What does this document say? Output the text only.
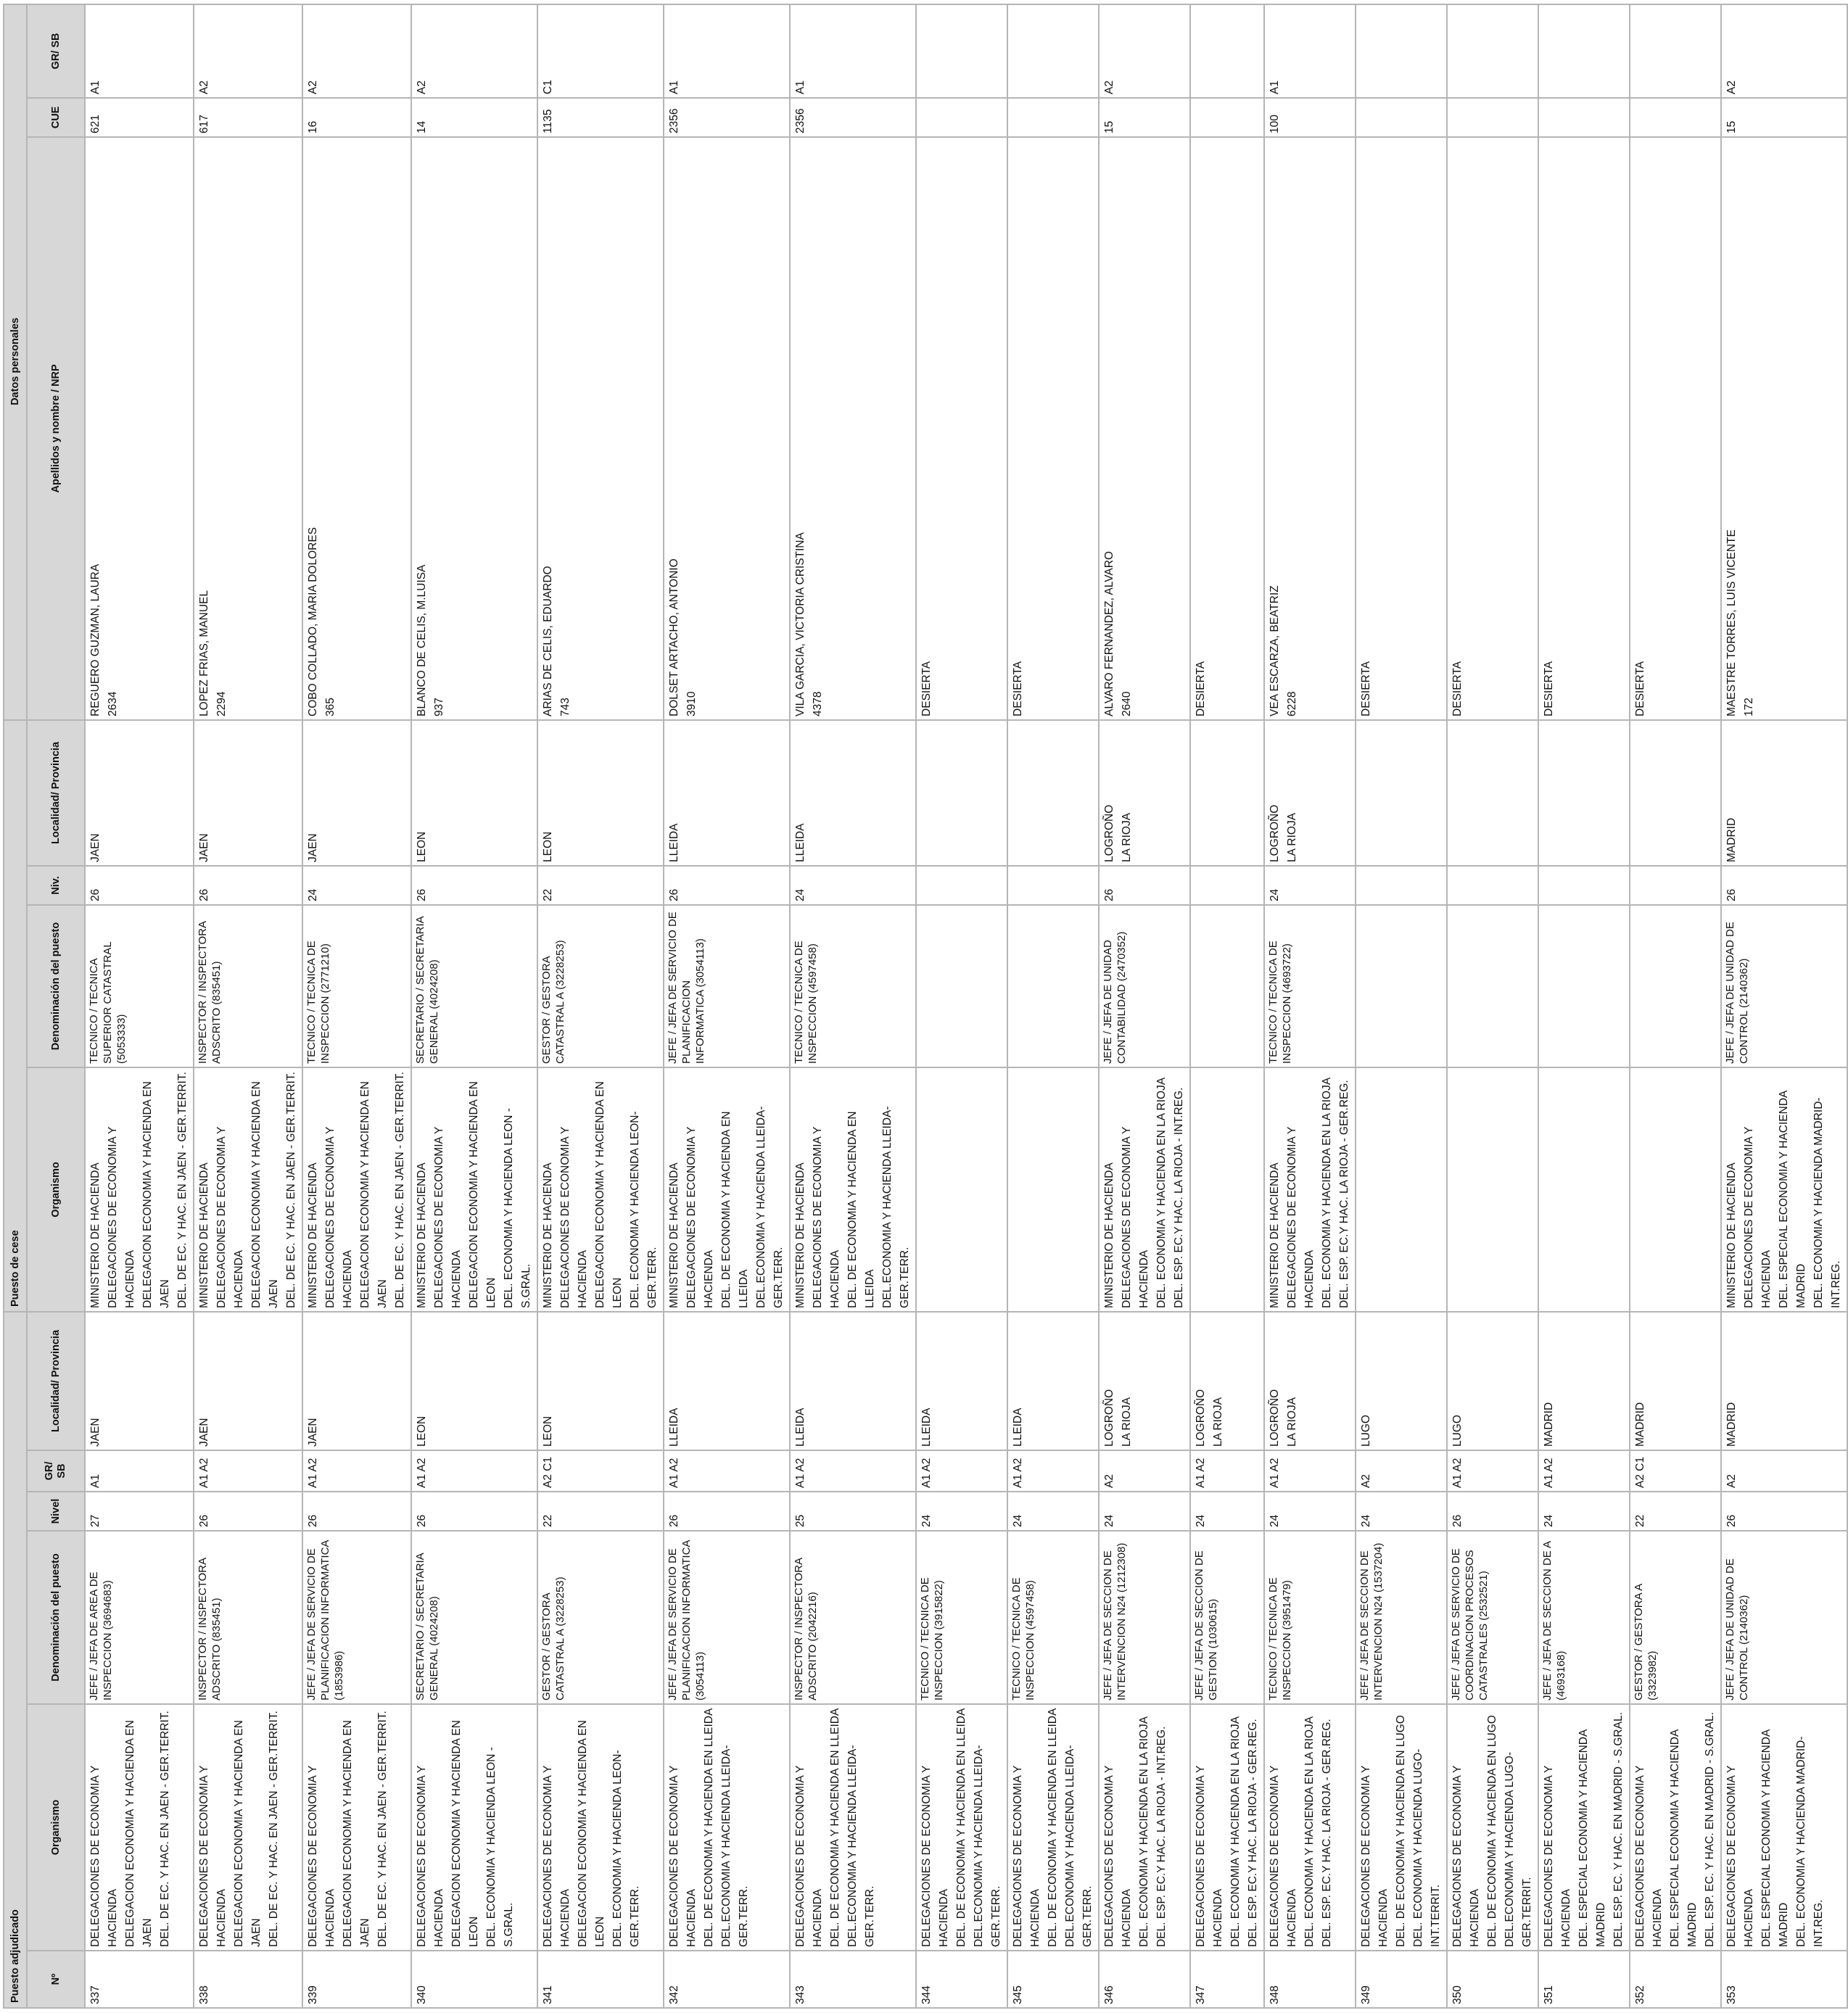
Puesto adjudicado						Puesto de cese				Datos personales		
Nº	Organismo	Denominación del puesto	Nivel	GR/ SB	Localidad/ Provincia	Organismo	Denominación del puesto	Niv.	Localidad/ Provincia	Apellidos y nombre / NRP	CUE	GR/ SB
337	DELEGACIONES DE ECONOMIA Y HACIENDA DELEGACION ECONOMIA Y HACIENDA EN JAEN DEL. DE EC. Y HAC. EN JAEN - GER.TERRIT.	JEFE / JEFA DE AREA DE INSPECCION (3694683)	27	A1	JAEN	MINISTERIO DE HACIENDA DELEGACIONES DE ECONOMIA Y HACIENDA DELEGACION ECONOMIA Y HACIENDA EN JAEN DEL. DE EC. Y HAC. EN JAEN - GER.TERRIT.	TECNICO / TECNICA SUPERIOR CATASTRAL (5053333)	26	JAEN	REGUERO GUZMAN, LAURA 2634	621	A1
338	DELEGACIONES DE ECONOMIA Y HACIENDA DELEGACION ECONOMIA Y HACIENDA EN JAEN DEL. DE EC. Y HAC. EN JAEN - GER.TERRIT.	INSPECTOR / INSPECTORA ADSCRITO (835451)	26	A1 A2	JAEN	MINISTERIO DE HACIENDA DELEGACIONES DE ECONOMIA Y HACIENDA DELEGACION ECONOMIA Y HACIENDA EN JAEN DEL. DE EC. Y HAC. EN JAEN - GER.TERRIT.	INSPECTOR / INSPECTORA ADSCRITO (835451)	26	JAEN	LOPEZ FRIAS, MANUEL 2294	617	A2
339	DELEGACIONES DE ECONOMIA Y HACIENDA DELEGACION ECONOMIA Y HACIENDA EN JAEN DEL. DE EC. Y HAC. EN JAEN - GER.TERRIT.	JEFE / JEFA DE SERVICIO DE PLANIFICACION INFORMATICA (1853986)	26	A1 A2	JAEN	MINISTERIO DE HACIENDA DELEGACIONES DE ECONOMIA Y HACIENDA DELEGACION ECONOMIA Y HACIENDA EN JAEN DEL. DE EC. Y HAC. EN JAEN - GER.TERRIT.	TECNICO / TECNICA DE INSPECCION (2771210)	24	JAEN	COBO COLLADO, MARIA DOLORES 365	16	A2
340	DELEGACIONES DE ECONOMIA Y HACIENDA DELEGACION ECONOMIA Y HACIENDA EN LEON DEL. ECONOMIA Y HACIENDA LEON - S.GRAL.	SECRETARIO / SECRETARIA GENERAL (4024208)	26	A1 A2	LEON	MINISTERIO DE HACIENDA DELEGACIONES DE ECONOMIA Y HACIENDA DELEGACION ECONOMIA Y HACIENDA EN LEON DEL. ECONOMIA Y HACIENDA LEON - S.GRAL.	SECRETARIO / SECRETARIA GENERAL (4024208)	26	LEON	BLANCO DE CELIS, M.LUISA 937	14	A2
341	DELEGACIONES DE ECONOMIA Y HACIENDA DELEGACION ECONOMIA Y HACIENDA EN LEON DEL. ECONOMIA Y HACIENDA LEON-GER.TERR.	GESTOR / GESTORA CATASTRAL A (3228253)	22	A2 C1	LEON	MINISTERIO DE HACIENDA DELEGACIONES DE ECONOMIA Y HACIENDA DELEGACION ECONOMIA Y HACIENDA EN LEON DEL. ECONOMIA Y HACIENDA LEON-GER.TERR.	GESTOR / GESTORA CATASTRAL A (3228253)	22	LEON	ARIAS DE CELIS, EDUARDO 743	1135	C1
342	DELEGACIONES DE ECONOMIA Y HACIENDA DEL. DE ECONOMIA Y HACIENDA EN LLEIDA DEL.ECONOMIA Y HACIENDA LLEIDA-GER.TERR.	JEFE / JEFA DE SERVICIO DE PLANIFICACION INFORMATICA (3054113)	26	A1 A2	LLEIDA	MINISTERIO DE HACIENDA DELEGACIONES DE ECONOMIA Y HACIENDA DEL. DE ECONOMIA Y HACIENDA EN LLEIDA DEL.ECONOMIA Y HACIENDA LLEIDA-GER.TERR.	JEFE / JEFA DE SERVICIO DE PLANIFICACION INFORMATICA (3054113)	26	LLEIDA	DOLSET ARTACHO, ANTONIO 3910	2356	A1
343	DELEGACIONES DE ECONOMIA Y HACIENDA DEL. DE ECONOMIA Y HACIENDA EN LLEIDA DEL.ECONOMIA Y HACIENDA LLEIDA-GER.TERR.	INSPECTOR / INSPECTORA ADSCRITO (2042216)	25	A1 A2	LLEIDA	MINISTERIO DE HACIENDA DELEGACIONES DE ECONOMIA Y HACIENDA DEL. DE ECONOMIA Y HACIENDA EN LLEIDA DEL.ECONOMIA Y HACIENDA LLEIDA-GER.TERR.	TECNICO / TECNICA DE INSPECCION (4597458)	24	LLEIDA	VILA GARCIA, VICTORIA CRISTINA 4378	2356	A1
344	DELEGACIONES DE ECONOMIA Y HACIENDA DEL. DE ECONOMIA Y HACIENDA EN LLEIDA DEL.ECONOMIA Y HACIENDA LLEIDA-GER.TERR.	TECNICO / TECNICA DE INSPECCION (3915822)	24	A1 A2	LLEIDA					DESIERTA		

345	DELEGACIONES DE ECONOMIA Y HACIENDA DEL. DE ECONOMIA Y HACIENDA EN LLEIDA DEL.ECONOMIA Y HACIENDA LLEIDA-GER.TERR.	TECNICO / TECNICA DE INSPECCION (4597458)	24	A1 A2	LLEIDA					DESIERTA		

346	DELEGACIONES DE ECONOMIA Y HACIENDA DEL. ECONOMIA Y HACIENDA EN LA RIOJA DEL. ESP. EC.Y HAC. LA RIOJA - INT.REG.	JEFE / JEFA DE SECCION DE INTERVENCION N24 (1212308)	24	A2	LOGROÑO LA RIOJA	MINISTERIO DE HACIENDA DELEGACIONES DE ECONOMIA Y HACIENDA DEL. ECONOMIA Y HACIENDA EN LA RIOJA DEL. ESP. EC.Y HAC. LA RIOJA - INT.REG.	JEFE / JEFA DE UNIDAD CONTABILIDAD (2470352)	26	LOGROÑO LA RIOJA	ALVARO FERNANDEZ, ALVARO 2640	15	A2
347	DELEGACIONES DE ECONOMIA Y HACIENDA DEL. ECONOMIA Y HACIENDA EN LA RIOJA DEL. ESP. EC.Y HAC. LA RIOJA - GER.REG.	JEFE / JEFA DE SECCION DE GESTION (1030615)	24	A1 A2	LOGROÑO LA RIOJA					DESIERTA		

348	DELEGACIONES DE ECONOMIA Y HACIENDA DEL. ECONOMIA Y HACIENDA EN LA RIOJA DEL. ESP. EC.Y HAC. LA RIOJA - GER.REG.	TECNICO / TECNICA DE INSPECCION (3951479)	24	A1 A2	LOGROÑO LA RIOJA	MINISTERIO DE HACIENDA DELEGACIONES DE ECONOMIA Y HACIENDA DEL. ECONOMIA Y HACIENDA EN LA RIOJA DEL. ESP. EC.Y HAC. LA RIOJA - GER.REG.	TECNICO / TECNICA DE INSPECCION (4693722)	24	LOGROÑO LA RIOJA	VEA ESCARZA, BEATRIZ 6228	100	A1
349	DELEGACIONES DE ECONOMIA Y HACIENDA DEL. DE ECONOMIA Y HACIENDA EN LUGO DEL. ECONOMIA Y HACIENDA LUGO-INT.TERRIT.	JEFE / JEFA DE SECCION DE INTERVENCION N24 (1537204)	24	A2	LUGO					DESIERTA		

350	DELEGACIONES DE ECONOMIA Y HACIENDA DEL. DE ECONOMIA Y HACIENDA EN LUGO DEL.ECONOMIA Y HACIENDA LUGO-GER.TERRIT.	JEFE / JEFA DE SERVICIO DE COORDINACION PROCESOS CATASTRALES (2532521)	26	A1 A2	LUGO					DESIERTA		

351	DELEGACIONES DE ECONOMIA Y HACIENDA DEL. ESPECIAL ECONOMIA Y HACIENDA MADRID DEL. ESP. EC. Y HAC. EN MADRID - S.GRAL.	JEFE / JEFA DE SECCION DE A (4693168)	24	A1 A2	MADRID					DESIERTA		

352	DELEGACIONES DE ECONOMIA Y HACIENDA DEL. ESPECIAL ECONOMIA Y HACIENDA MADRID DEL. ESP. EC. Y HAC. EN MADRID - S.GRAL.	GESTOR / GESTORA A (3323982)	22	A2 C1	MADRID					DESIERTA		

353	DELEGACIONES DE ECONOMIA Y HACIENDA DEL. ESPECIAL ECONOMIA Y HACIENDA MADRID DEL. ECONOMIA Y HACIENDA MADRID-INT.REG.	JEFE / JEFA DE UNIDAD DE CONTROL (2140362)	26	A2	MADRID	MINISTERIO DE HACIENDA DELEGACIONES DE ECONOMIA Y HACIENDA DEL. ESPECIAL ECONOMIA Y HACIENDA MADRID DEL. ECONOMIA Y HACIENDA MADRID-INT.REG.	JEFE / JEFA DE UNIDAD DE CONTROL (2140362)	26	MADRID	MAESTRE TORRES, LUIS VICENTE 172	15	A2
